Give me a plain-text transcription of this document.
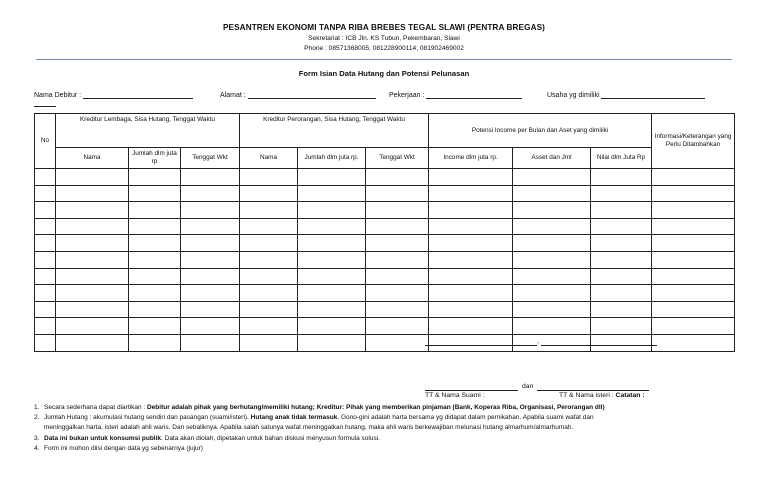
PESANTREN EKONOMI TANPA RIBA BREBES TEGAL SLAWI (PENTRA BREGAS)
Sekretariat : ICB Jln. KS Tubun, Pekembaran, Slawi
Phone : 08571368005; 081228900114; 081902469002
Form Isian Data Hutang dan Potensi Pelunasan
Nama Debitur :	Alamat :	Pekerjaan :	Usaha yg dimiliki
No	Kreditur Lembaga, Sisa Hutang, Tenggat Waktu			Kreditur Perorangan, Sisa Hutang, Tenggat Waktu			Potensi Income per Bulan dan Aset yang dimiliki			Informasi/Keterangan yang Perlu Ditambahkan
	Nama	Jumlah dlm juta rp	Tenggat Wkt	Nama	Jumlah dlm juta rp.	Tenggat Wkt	Income dlm juta rp.	Asset dan Jml	Nilai dlm Juta Rp	

,
dan
TT & Nama Suami :	TT & Nama isteri : Catatan :
1. Secara sederhana dapat diartikan : Debitur adalah pihak yang berhutang/memiliki hutang; Kreditur: Pihak yang memberikan pinjaman (Bank, Koperas Riba, Organisasi, Perorangan dll)
2. Jumlah Hutang : akumulasi hutang sendiri dan pasangan (suami/isteri). Hutang anak tidak termasuk. Gono-gini adalah harta bersama yg didapat dalam pernikahan. Apabila suami wafat dan
meninggalkan harta, isteri adalah ahli waris. Dan sebaliknya. Apabila salah satunya wafat meninggalkan hutang, maka ahli waris berkewajiban melunasi hutang almarhum/almarhumah.
3. Data ini bukan untuk konsumsi publik. Data akan diolah, dipetakan untuk bahan diskusi menyusun formula solusi.
4. Form ini mohon diisi dengan data yg sebenarnya (jujur)
